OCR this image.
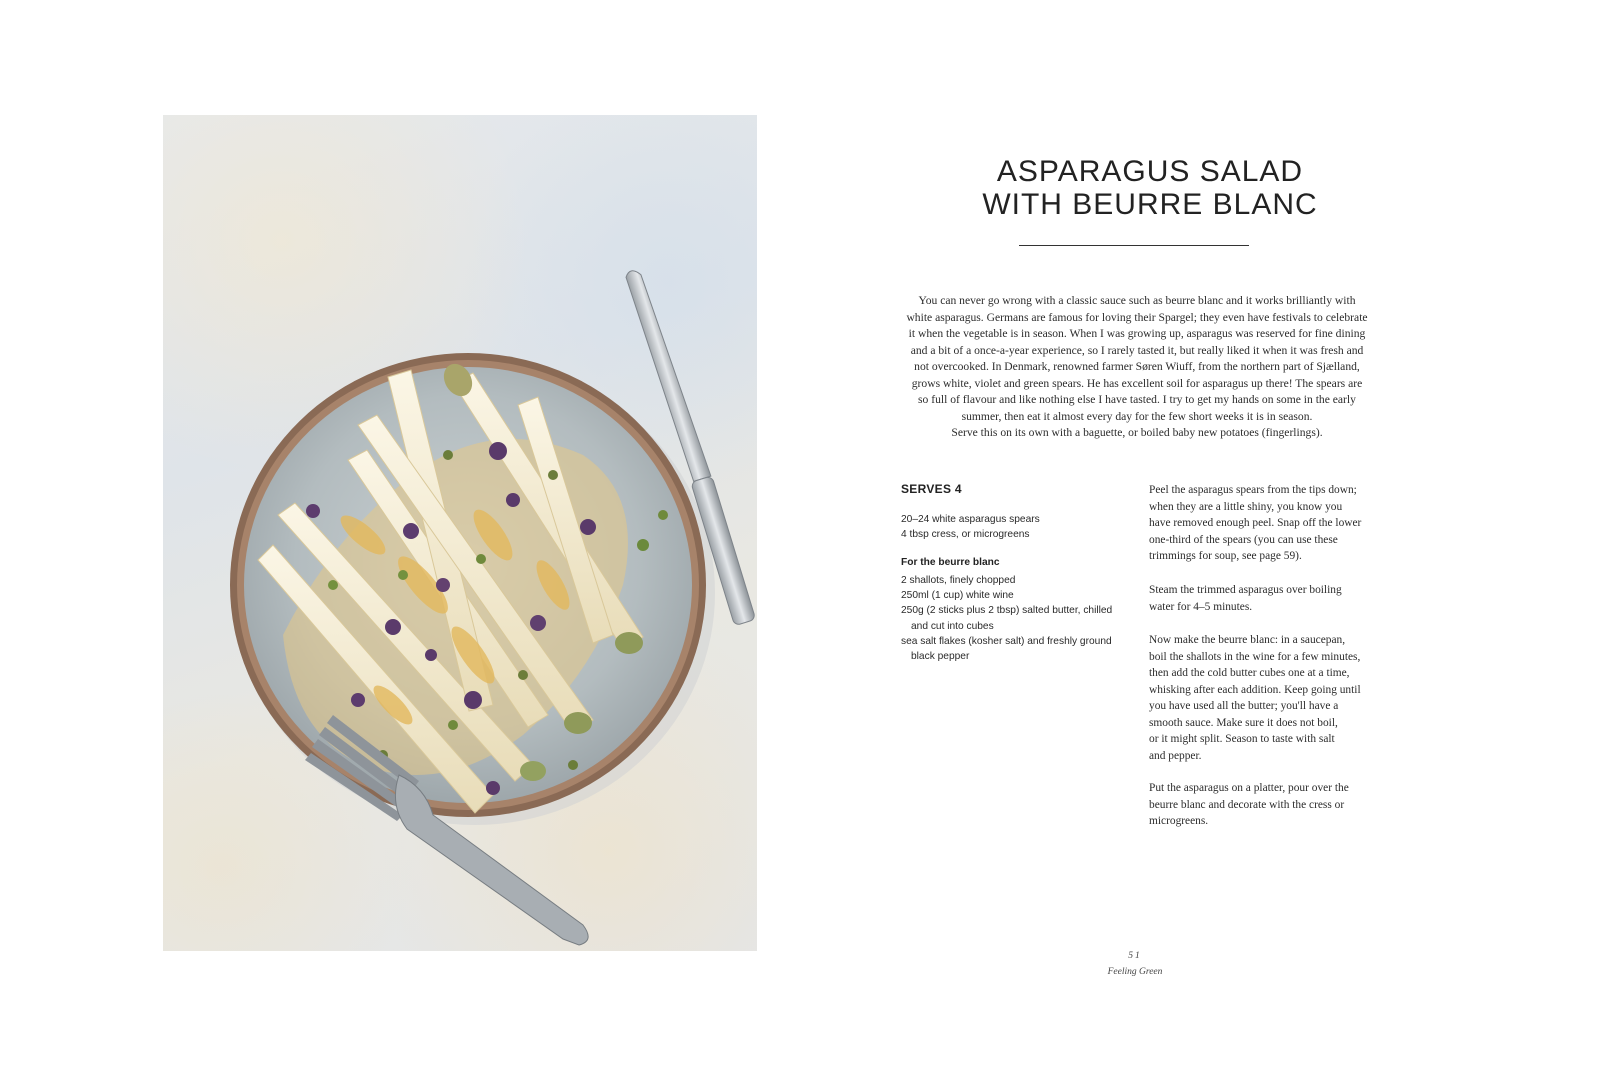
ASPARAGUS SALAD
WITH BEURRE BLANC
You can never go wrong with a classic sauce such as beurre blanc and it works brilliantly with
white asparagus. Germans are famous for loving their Spargel; they even have festivals to celebrate
it when the vegetable is in season. When I was growing up, asparagus was reserved for fine dining
and a bit of a once-a-year experience, so I rarely tasted it, but really liked it when it was fresh and
not overcooked. In Denmark, renowned farmer Søren Wiuff, from the northern part of Sjælland,
grows white, violet and green spears. He has excellent soil for asparagus up there! The spears are
so full of flavour and like nothing else I have tasted. I try to get my hands on some in the early
summer, then eat it almost every day for the few short weeks it is in season.
Serve this on its own with a baguette, or boiled baby new potatoes (fingerlings).
SERVES 4
20–24 white asparagus spears
4 tbsp cress, or microgreens
For the beurre blanc
2 shallots, finely chopped
250ml (1 cup) white wine
250g (2 sticks plus 2 tbsp) salted butter, chilled
and cut into cubes
sea salt flakes (kosher salt) and freshly ground
black pepper
Peel the asparagus spears from the tips down;
when they are a little shiny, you know you
have removed enough peel. Snap off the lower
one-third of the spears (you can use these
trimmings for soup, see page 59).
Steam the trimmed asparagus over boiling
water for 4–5 minutes.
Now make the beurre blanc: in a saucepan,
boil the shallots in the wine for a few minutes,
then add the cold butter cubes one at a time,
whisking after each addition. Keep going until
you have used all the butter; you'll have a
smooth sauce. Make sure it does not boil,
or it might split. Season to taste with salt
and pepper.
Put the asparagus on a platter, pour over the
beurre blanc and decorate with the cress or
microgreens.
51
Feeling Green
